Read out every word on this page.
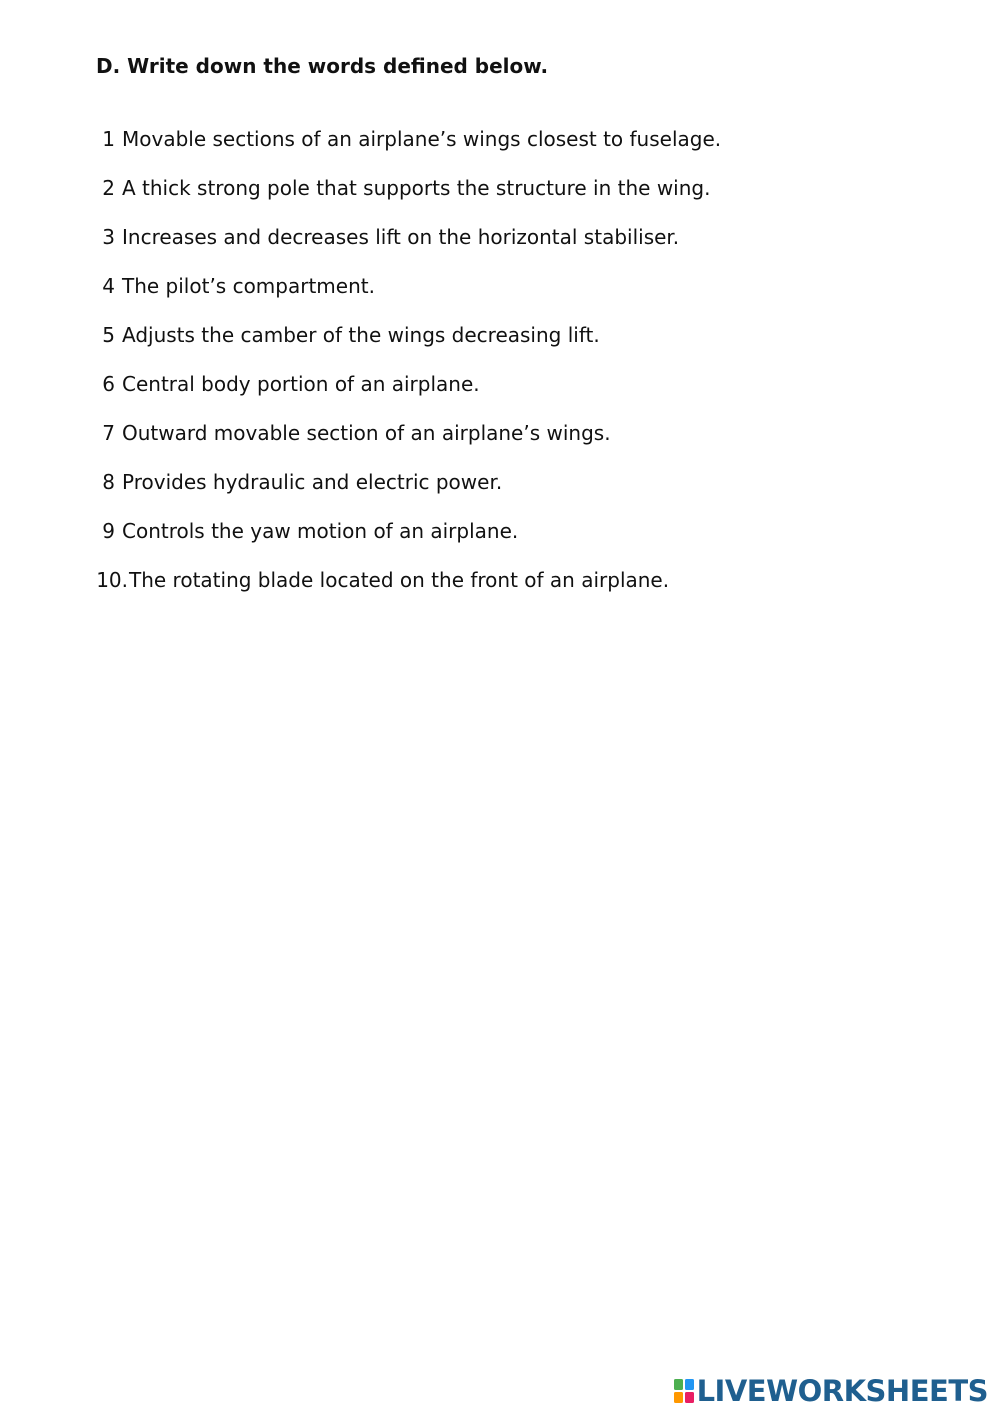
D. Write down the words defined below.
1 Movable sections of an airplane’s wings closest to fuselage.
2 A thick strong pole that supports the structure in the wing.
3 Increases and decreases lift on the horizontal stabiliser.
4 The pilot’s compartment.
5 Adjusts the camber of the wings decreasing lift.
6 Central body portion of an airplane.
7 Outward movable section of an airplane’s wings.
8 Provides hydraulic and electric power.
9 Controls the yaw motion of an airplane.
10. The rotating blade located on the front of an airplane.
LIVEWORKSHEETS
